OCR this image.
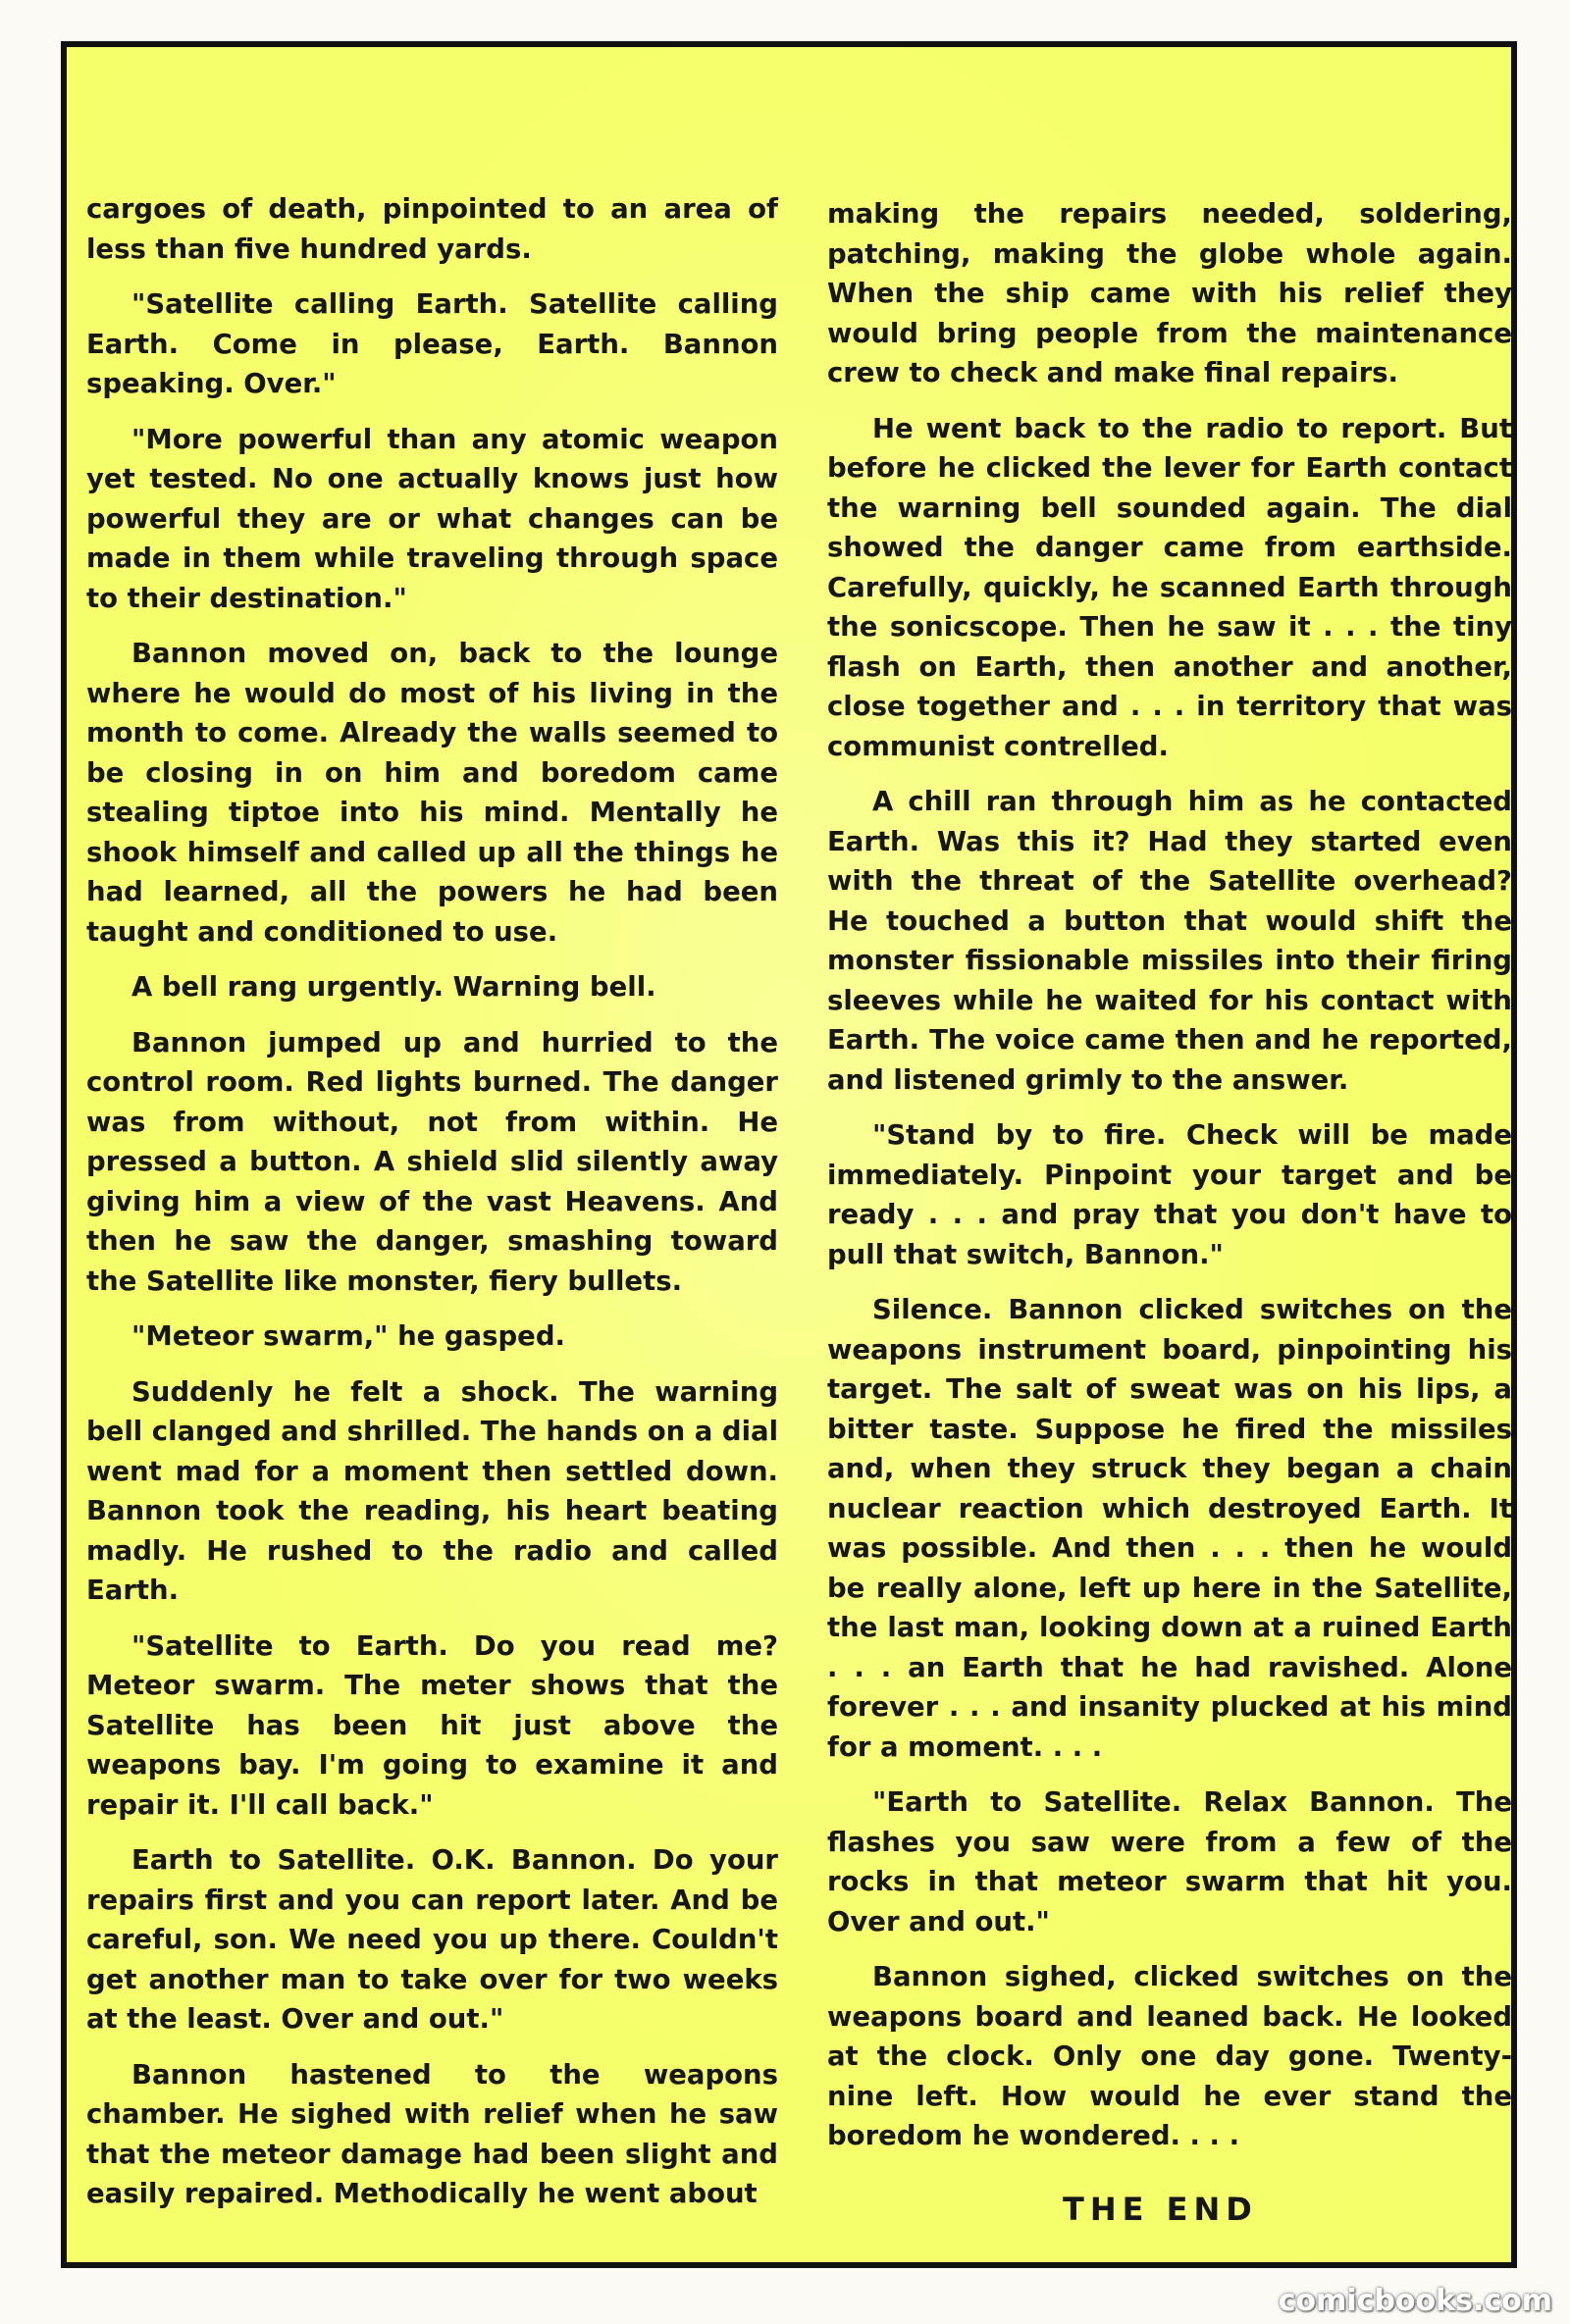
cargoes of death, pinpointed to an area of less than five hundred yards.

"Satellite calling Earth. Satellite calling Earth. Come in please, Earth. Bannon speaking. Over."

"More powerful than any atomic weapon yet tested. No one actually knows just how powerful they are or what changes can be made in them while traveling through space to their destination."

Bannon moved on, back to the lounge where he would do most of his living in the month to come. Already the walls seemed to be closing in on him and boredom came stealing tiptoe into his mind. Mentally he shook himself and called up all the things he had learned, all the powers he had been taught and conditioned to use.

A bell rang urgently. Warning bell.

Bannon jumped up and hurried to the control room. Red lights burned. The danger was from without, not from within. He pressed a button. A shield slid silently away giving him a view of the vast Heavens. And then he saw the danger, smashing toward the Satellite like monster, fiery bullets.

"Meteor swarm," he gasped.

Suddenly he felt a shock. The warning bell clanged and shrilled. The hands on a dial went mad for a moment then settled down. Bannon took the reading, his heart beating madly. He rushed to the radio and called Earth.

"Satellite to Earth. Do you read me? Meteor swarm. The meter shows that the Satellite has been hit just above the weapons bay. I'm going to examine it and repair it. I'll call back."

Earth to Satellite. O.K. Bannon. Do your repairs first and you can report later. And be careful, son. We need you up there. Couldn't get another man to take over for two weeks at the least. Over and out."

Bannon hastened to the weapons chamber. He sighed with relief when he saw that the meteor damage had been slight and easily repaired. Methodically he went about

making the repairs needed, soldering, patching, making the globe whole again. When the ship came with his relief they would bring people from the maintenance crew to check and make final repairs.

He went back to the radio to report. But before he clicked the lever for Earth contact the warning bell sounded again. The dial showed the danger came from earthside. Carefully, quickly, he scanned Earth through the sonicscope. Then he saw it . . . the tiny flash on Earth, then another and another, close together and . . . in territory that was communist contrelled.

A chill ran through him as he contacted Earth. Was this it? Had they started even with the threat of the Satellite overhead? He touched a button that would shift the monster fissionable missiles into their firing sleeves while he waited for his contact with Earth. The voice came then and he reported, and listened grimly to the answer.

"Stand by to fire. Check will be made immediately. Pinpoint your target and be ready . . . and pray that you don't have to pull that switch, Bannon."

Silence. Bannon clicked switches on the weapons instrument board, pinpointing his target. The salt of sweat was on his lips, a bitter taste. Suppose he fired the missiles and, when they struck they began a chain nuclear reaction which destroyed Earth. It was possible. And then . . . then he would be really alone, left up here in the Satellite, the last man, looking down at a ruined Earth . . . an Earth that he had ravished. Alone forever . . . and insanity plucked at his mind for a moment. . . .

"Earth to Satellite. Relax Bannon. The flashes you saw were from a few of the rocks in that meteor swarm that hit you. Over and out."

Bannon sighed, clicked switches on the weapons board and leaned back. He looked at the clock. Only one day gone. Twenty-nine left. How would he ever stand the boredom he wondered. . . .

THE END
comicbooks.com
